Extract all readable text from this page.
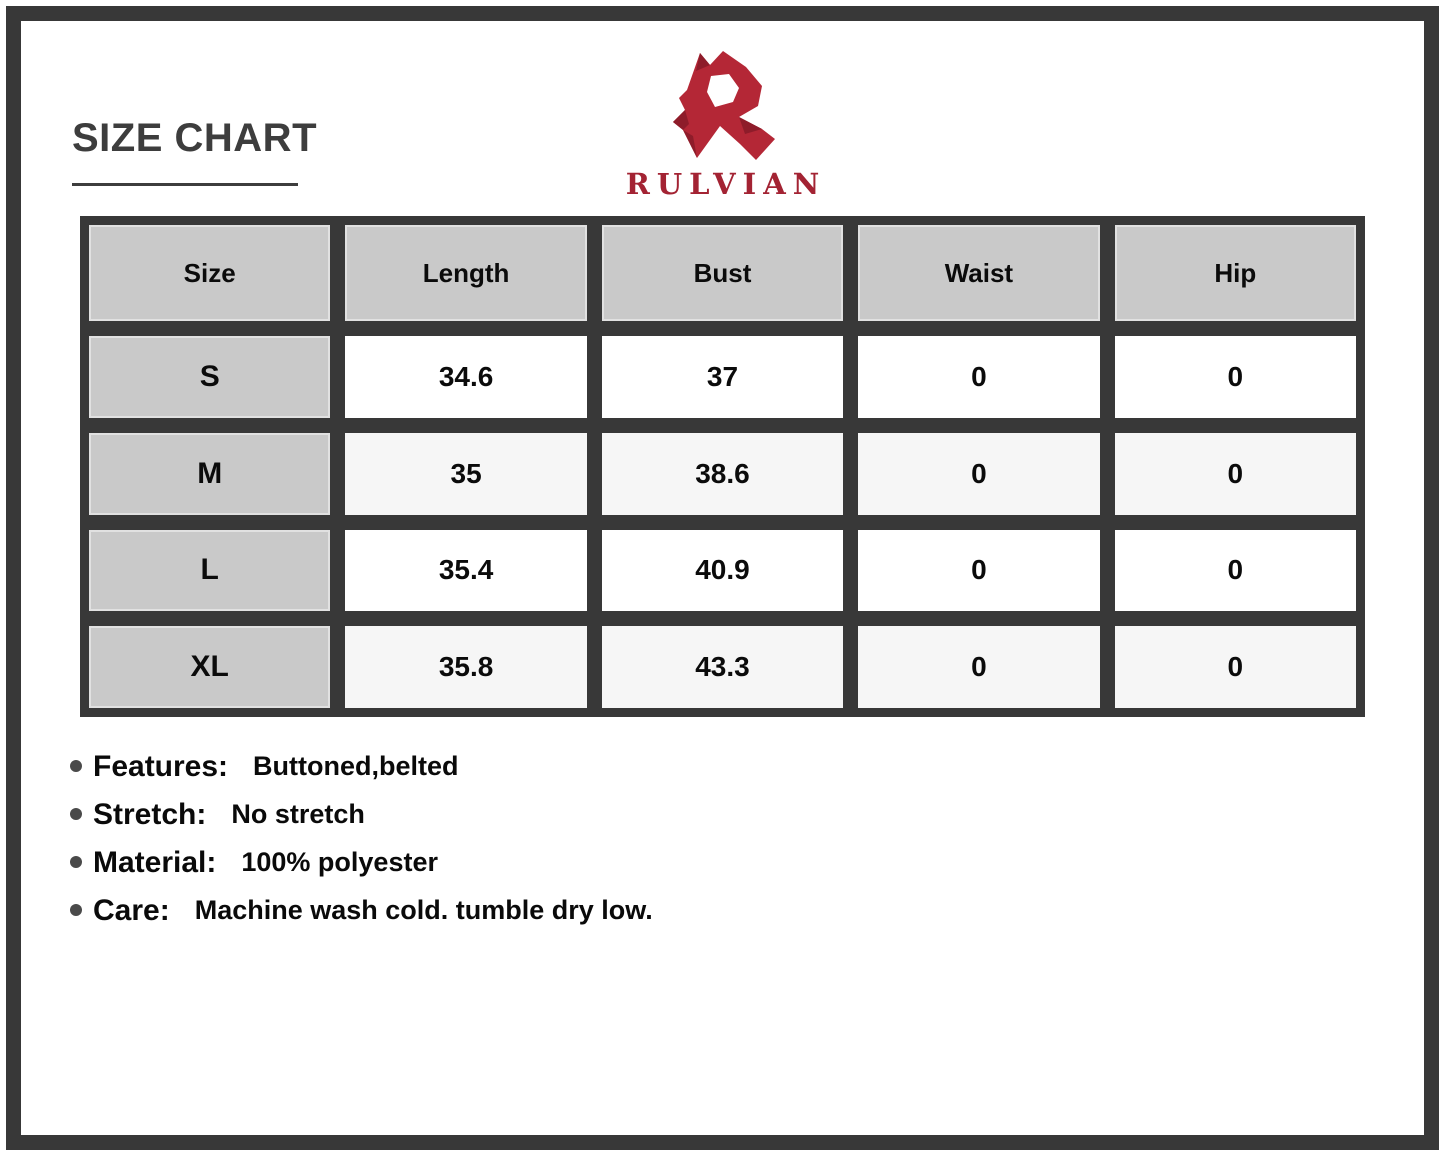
SIZE CHART
RULVIAN
Size	Length	Bust	Waist	Hip
S	34.6	37	0	0
M	35	38.6	0	0
L	35.4	40.9	0	0
XL	35.8	43.3	0	0
Features: Buttoned,belted
Stretch: No stretch
Material: 100% polyester
Care: Machine wash cold. tumble dry low.
